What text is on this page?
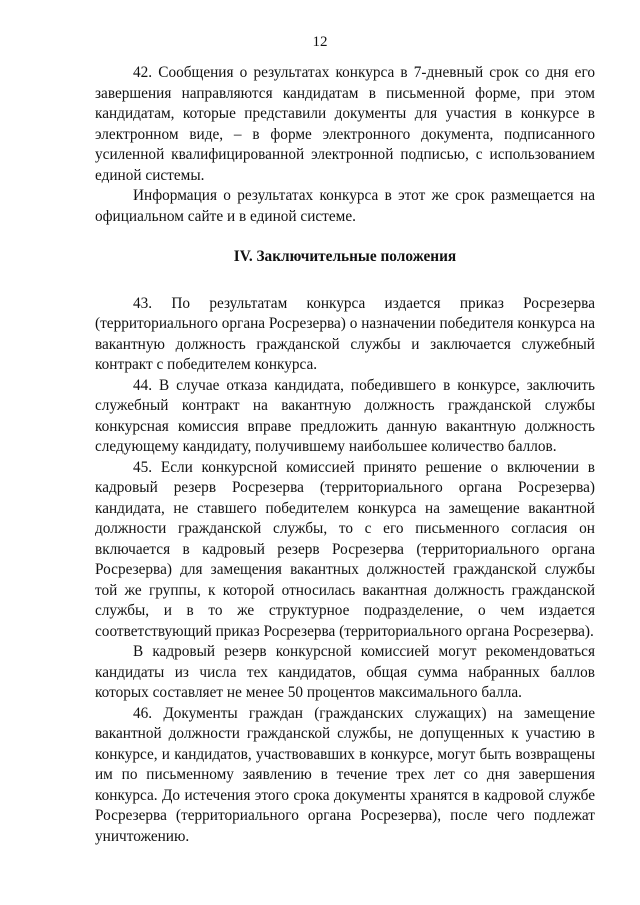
12

42. Сообщения о результатах конкурса в 7-дневный срок со дня его завершения направляются кандидатам в письменной форме, при этом кандидатам, которые представили документы для участия в конкурсе в электронном виде, – в форме электронного документа, подписанного усиленной квалифицированной электронной подписью, с использованием единой системы.

Информация о результатах конкурса в этот же срок размещается на официальном сайте и в единой системе.

IV. Заключительные положения

43. По результатам конкурса издается приказ Росрезерва (территориального органа Росрезерва) о назначении победителя конкурса на вакантную должность гражданской службы и заключается служебный контракт с победителем конкурса.

44. В случае отказа кандидата, победившего в конкурсе, заключить служебный контракт на вакантную должность гражданской службы конкурсная комиссия вправе предложить данную вакантную должность следующему кандидату, получившему наибольшее количество баллов.

45. Если конкурсной комиссией принято решение о включении в кадровый резерв Росрезерва (территориального органа Росрезерва) кандидата, не ставшего победителем конкурса на замещение вакантной должности гражданской службы, то с его письменного согласия он включается в кадровый резерв Росрезерва (территориального органа Росрезерва) для замещения вакантных должностей гражданской службы той же группы, к которой относилась вакантная должность гражданской службы, и в то же структурное подразделение, о чем издается соответствующий приказ Росрезерва (территориального органа Росрезерва).

В кадровый резерв конкурсной комиссией могут рекомендоваться кандидаты из числа тех кандидатов, общая сумма набранных баллов которых составляет не менее 50 процентов максимального балла.

46. Документы граждан (гражданских служащих) на замещение вакантной должности гражданской службы, не допущенных к участию в конкурсе, и кандидатов, участвовавших в конкурсе, могут быть возвращены им по письменному заявлению в течение трех лет со дня завершения конкурса. До истечения этого срока документы хранятся в кадровой службе Росрезерва (территориального органа Росрезерва), после чего подлежат уничтожению.
